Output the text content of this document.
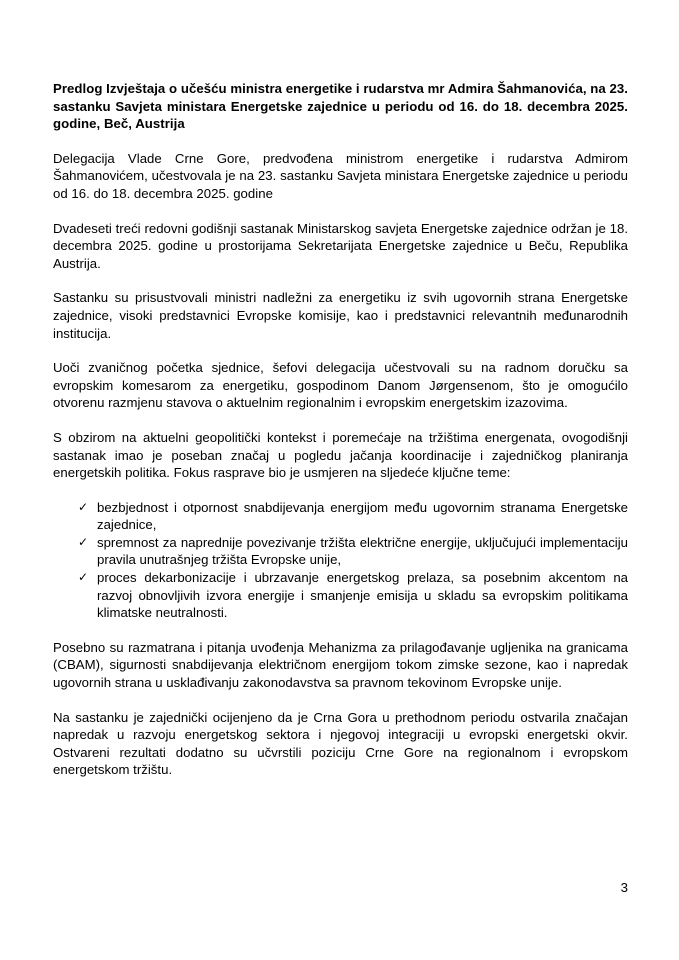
Predlog Izvještaja o učešću ministra energetike i rudarstva mr Admira Šahmanovića, na 23. sastanku Savjeta ministara Energetske zajednice u periodu od 16. do 18. decembra 2025. godine, Beč, Austrija

Delegacija Vlade Crne Gore, predvođena ministrom energetike i rudarstva Admirom Šahmanovićem, učestvovala je na 23. sastanku Savjeta ministara Energetske zajednice u periodu od 16. do 18. decembra 2025. godine

Dvadeseti treći redovni godišnji sastanak Ministarskog savjeta Energetske zajednice održan je 18. decembra 2025. godine u prostorijama Sekretarijata Energetske zajednice u Beču, Republika Austrija.

Sastanku su prisustvovali ministri nadležni za energetiku iz svih ugovornih strana Energetske zajednice, visoki predstavnici Evropske komisije, kao i predstavnici relevantnih međunarodnih institucija.

Uoči zvaničnog početka sjednice, šefovi delegacija učestvovali su na radnom doručku sa evropskim komesarom za energetiku, gospodinom Danom Jørgensenom, što je omogućilo otvorenu razmjenu stavova o aktuelnim regionalnim i evropskim energetskim izazovima.

S obzirom na aktuelni geopolitički kontekst i poremećaje na tržištima energenata, ovogodišnji sastanak imao je poseban značaj u pogledu jačanja koordinacije i zajedničkog planiranja energetskih politika. Fokus rasprave bio je usmjeren na sljedeće ključne teme:

✓ bezbjednost i otpornost snabdijevanja energijom među ugovornim stranama Energetske zajednice,
✓ spremnost za naprednije povezivanje tržišta električne energije, uključujući implementaciju pravila unutrašnjeg tržišta Evropske unije,
✓ proces dekarbonizacije i ubrzavanje energetskog prelaza, sa posebnim akcentom na razvoj obnovljivih izvora energije i smanjenje emisija u skladu sa evropskim politikama klimatske neutralnosti.

Posebno su razmatrana i pitanja uvođenja Mehanizma za prilagođavanje ugljenika na granicama (CBAM), sigurnosti snabdijevanja električnom energijom tokom zimske sezone, kao i napredak ugovornih strana u usklađivanju zakonodavstva sa pravnom tekovinom Evropske unije.

Na sastanku je zajednički ocijenjeno da je Crna Gora u prethodnom periodu ostvarila značajan napredak u razvoju energetskog sektora i njegovoj integraciji u evropski energetski okvir. Ostvareni rezultati dodatno su učvrstili poziciju Crne Gore na regionalnom i evropskom energetskom tržištu.

3
